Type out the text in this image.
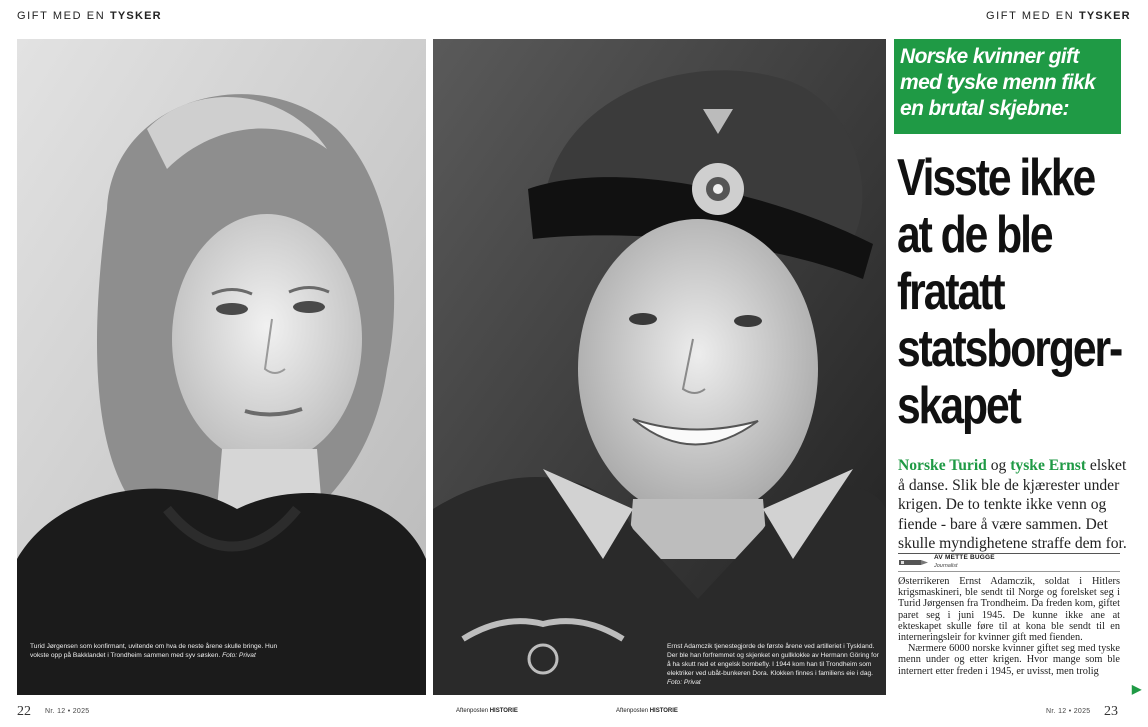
GIFT MED EN TYSKER	GIFT MED EN TYSKER
Turid Jørgensen som konfirmant, uvitende om hva de neste årene skulle bringe. Hun vokste opp på Bakklandet i Trondheim sammen med syv søsken. Foto: Privat
Ernst Adamczik tjenestegjorde de første årene ved artilleriet i Tyskland. Der ble han forfremmet og skjenket en gullklokke av Hermann Göring for å ha skutt ned et engelsk bombefly. I 1944 kom han til Trondheim som elektriker ved ubåt-bunkeren Dora. Klokken finnes i familiens eie i dag. Foto: Privat
Norske kvinner gift med tyske menn fikk en brutal skjebne:
Visste ikke
at de ble
fratatt
statsborger-
skapet
Norske Turid og tyske Ernst elsket å danse. Slik ble de kjærester under krigen. De to tenkte ikke venn og fiende - bare å være sammen. Det skulle myndighetene straffe dem for.
AV METTE BUGGE
Journalist

Østerrikeren Ernst Adamczik, soldat i Hitlers krigsmaskineri, ble sendt til Norge og forelsket seg i Turid Jørgensen fra Trondheim. Da freden kom, giftet paret seg i juni 1945. De kunne ikke ane at ekteskapet skulle føre til at kona ble sendt til en interneringsleir for kvinner gift med fienden.

Nærmere 6000 norske kvinner giftet seg med tyske menn under og etter krigen. Hvor mange som ble internert etter freden i 1945, er uvisst, men trolig

▶
22 Nr. 12 • 2025	Aftenposten HISTORIE	Aftenposten HISTORIE	Nr. 12 • 2025 23
